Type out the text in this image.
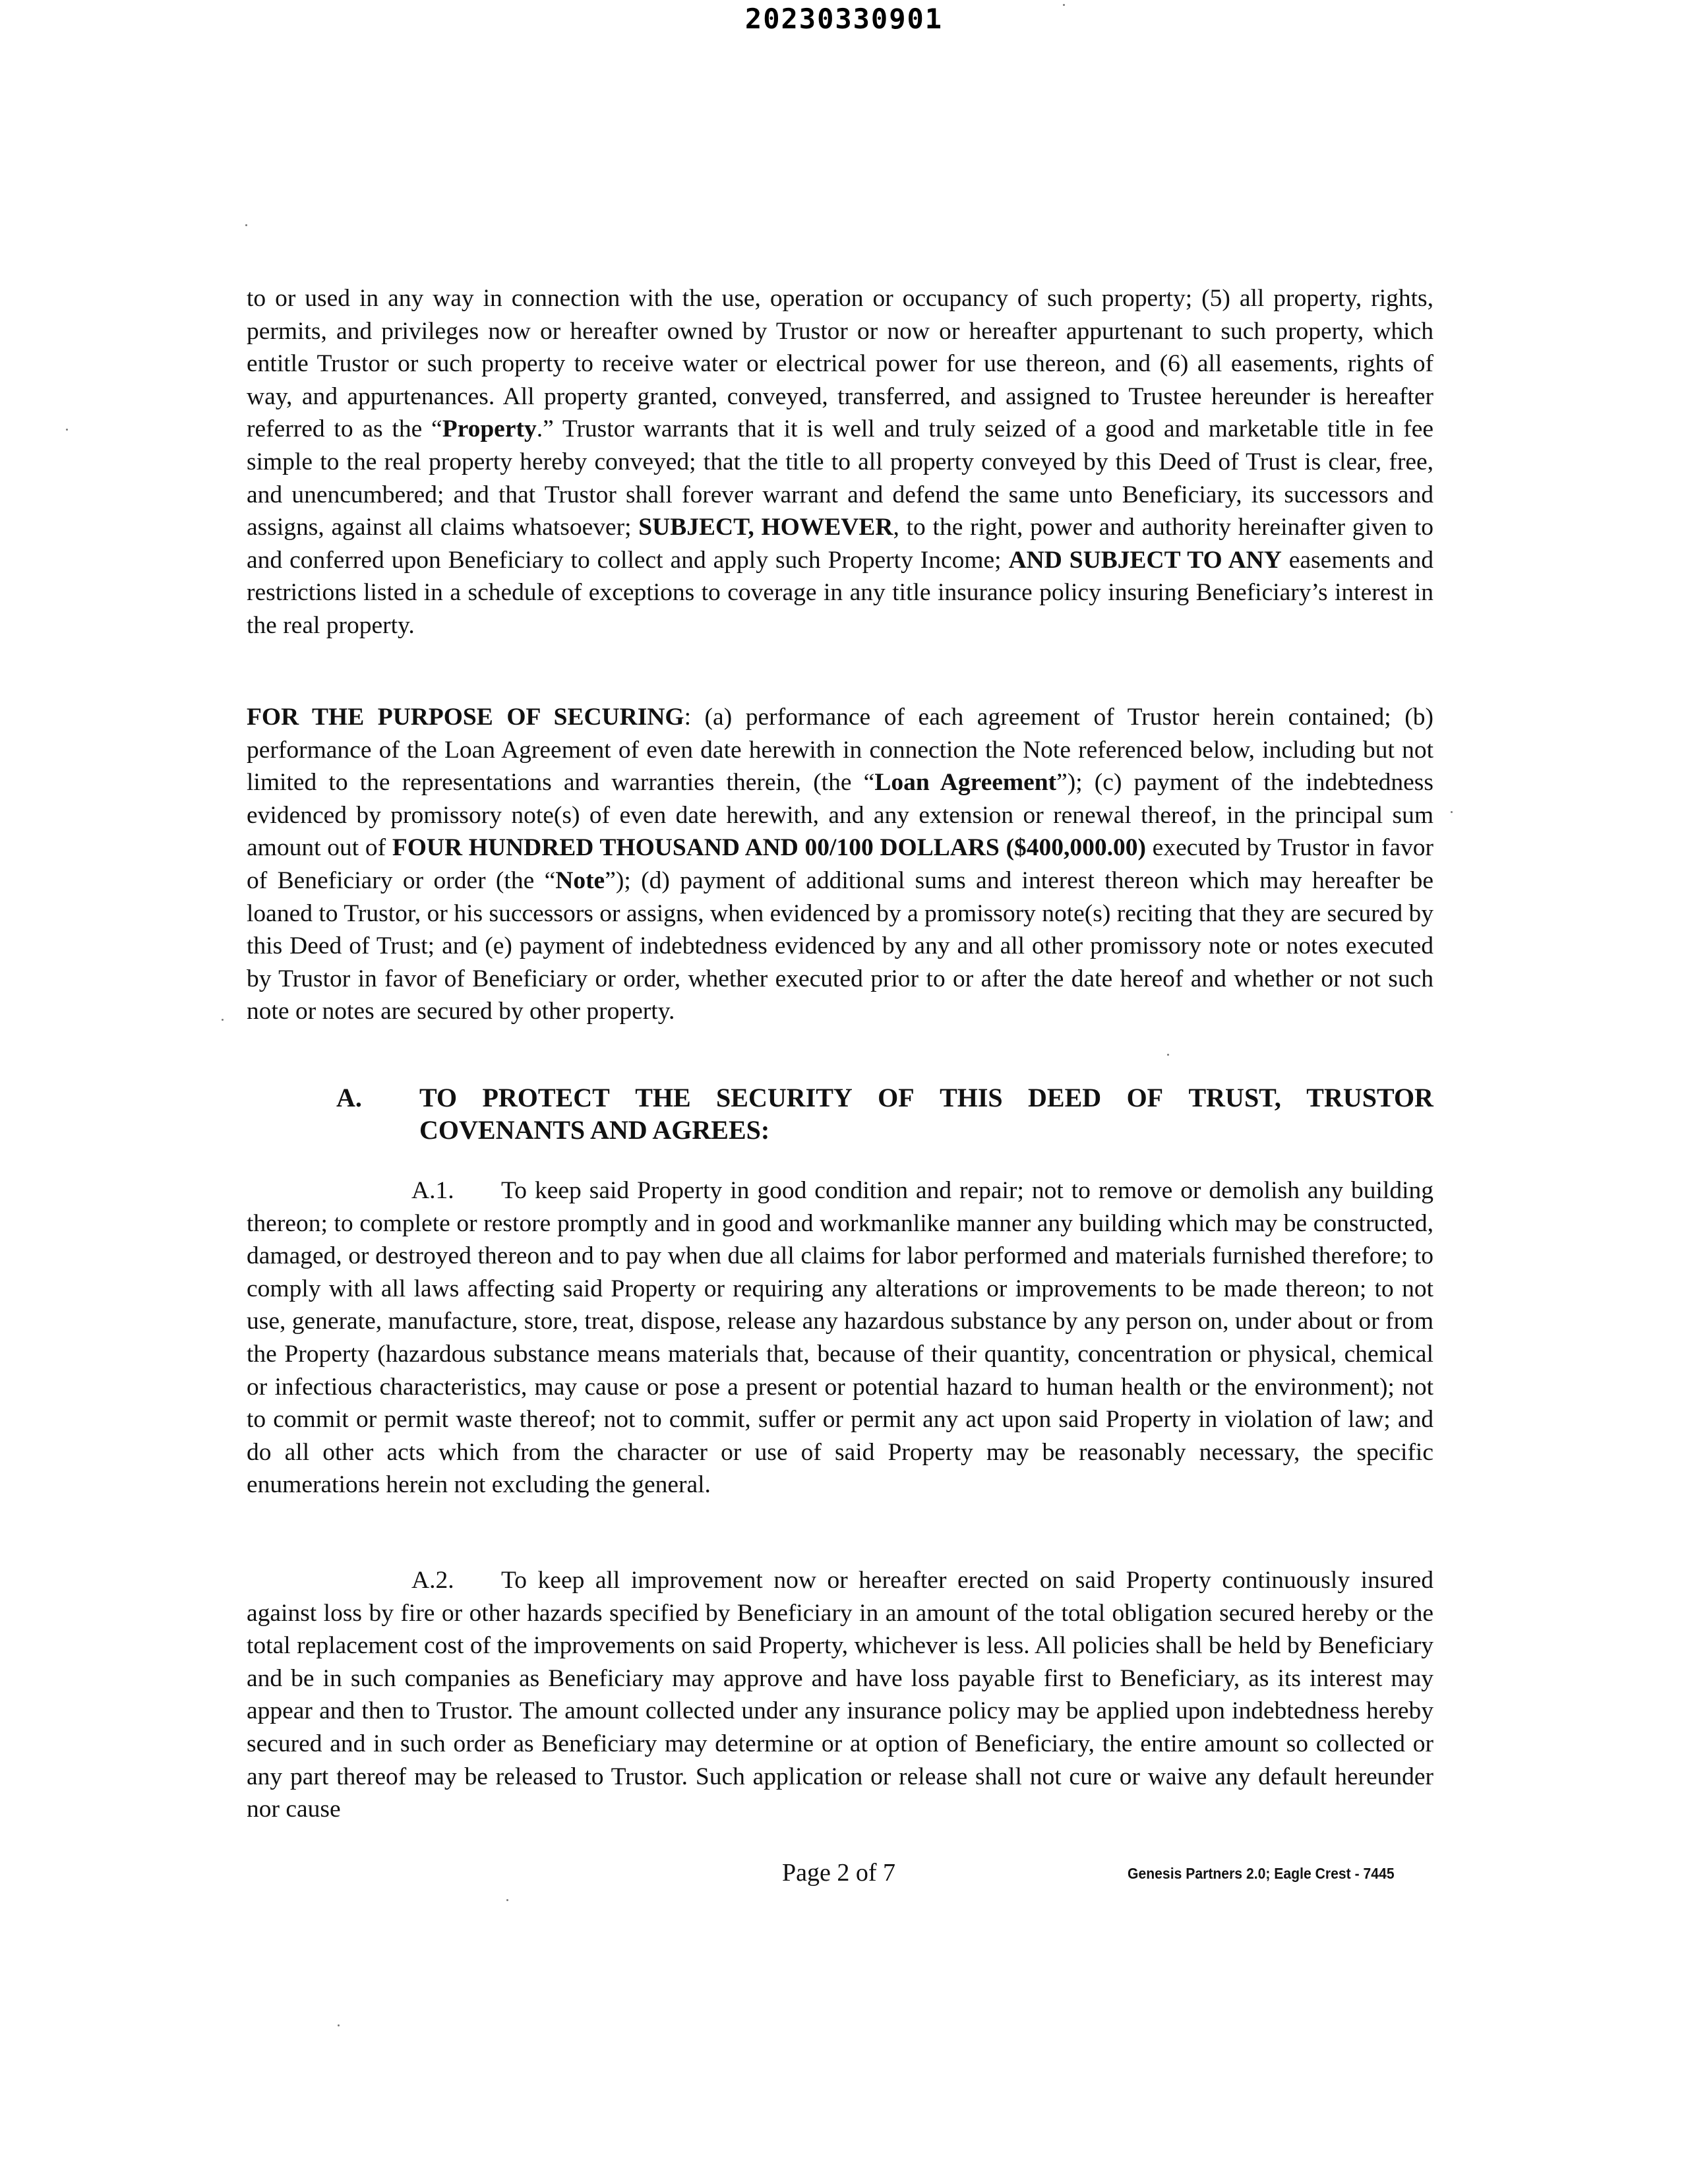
20230330901

to or used in any way in connection with the use, operation or occupancy of such property; (5) all property, rights, permits, and privileges now or hereafter owned by Trustor or now or hereafter appurtenant to such property, which entitle Trustor or such property to receive water or electrical power for use thereon, and (6) all easements, rights of way, and appurtenances. All property granted, conveyed, transferred, and assigned to Trustee hereunder is hereafter referred to as the “Property.” Trustor warrants that it is well and truly seized of a good and marketable title in fee simple to the real property hereby conveyed; that the title to all property conveyed by this Deed of Trust is clear, free, and unencumbered; and that Trustor shall forever warrant and defend the same unto Beneficiary, its successors and assigns, against all claims whatsoever; SUBJECT, HOWEVER, to the right, power and authority hereinafter given to and conferred upon Beneficiary to collect and apply such Property Income; AND SUBJECT TO ANY easements and restrictions listed in a schedule of exceptions to coverage in any title insurance policy insuring Beneficiary’s interest in the real property.

FOR THE PURPOSE OF SECURING: (a) performance of each agreement of Trustor herein contained; (b) performance of the Loan Agreement of even date herewith in connection the Note referenced below, including but not limited to the representations and warranties therein, (the “Loan Agreement”); (c) payment of the indebtedness evidenced by promissory note(s) of even date herewith, and any extension or renewal thereof, in the principal sum amount out of FOUR HUNDRED THOUSAND AND 00/100 DOLLARS ($400,000.00) executed by Trustor in favor of Beneficiary or order (the “Note”); (d) payment of additional sums and interest thereon which may hereafter be loaned to Trustor, or his successors or assigns, when evidenced by a promissory note(s) reciting that they are secured by this Deed of Trust; and (e) payment of indebtedness evidenced by any and all other promissory note or notes executed by Trustor in favor of Beneficiary or order, whether executed prior to or after the date hereof and whether or not such note or notes are secured by other property.

A.	TO PROTECT THE SECURITY OF THIS DEED OF TRUST, TRUSTOR
COVENANTS AND AGREES:

A.1. To keep said Property in good condition and repair; not to remove or demolish any building thereon; to complete or restore promptly and in good and workmanlike manner any building which may be constructed, damaged, or destroyed thereon and to pay when due all claims for labor performed and materials furnished therefore; to comply with all laws affecting said Property or requiring any alterations or improvements to be made thereon; to not use, generate, manufacture, store, treat, dispose, release any hazardous substance by any person on, under about or from the Property (hazardous substance means materials that, because of their quantity, concentration or physical, chemical or infectious characteristics, may cause or pose a present or potential hazard to human health or the environment); not to commit or permit waste thereof; not to commit, suffer or permit any act upon said Property in violation of law; and do all other acts which from the character or use of said Property may be reasonably necessary, the specific enumerations herein not excluding the general.

A.2. To keep all improvement now or hereafter erected on said Property continuously insured against loss by fire or other hazards specified by Beneficiary in an amount of the total obligation secured hereby or the total replacement cost of the improvements on said Property, whichever is less. All policies shall be held by Beneficiary and be in such companies as Beneficiary may approve and have loss payable first to Beneficiary, as its interest may appear and then to Trustor. The amount collected under any insurance policy may be applied upon indebtedness hereby secured and in such order as Beneficiary may determine or at option of Beneficiary, the entire amount so collected or any part thereof may be released to Trustor. Such application or release shall not cure or waive any default hereunder nor cause

Page 2 of 7	Genesis Partners 2.0; Eagle Crest - 7445
